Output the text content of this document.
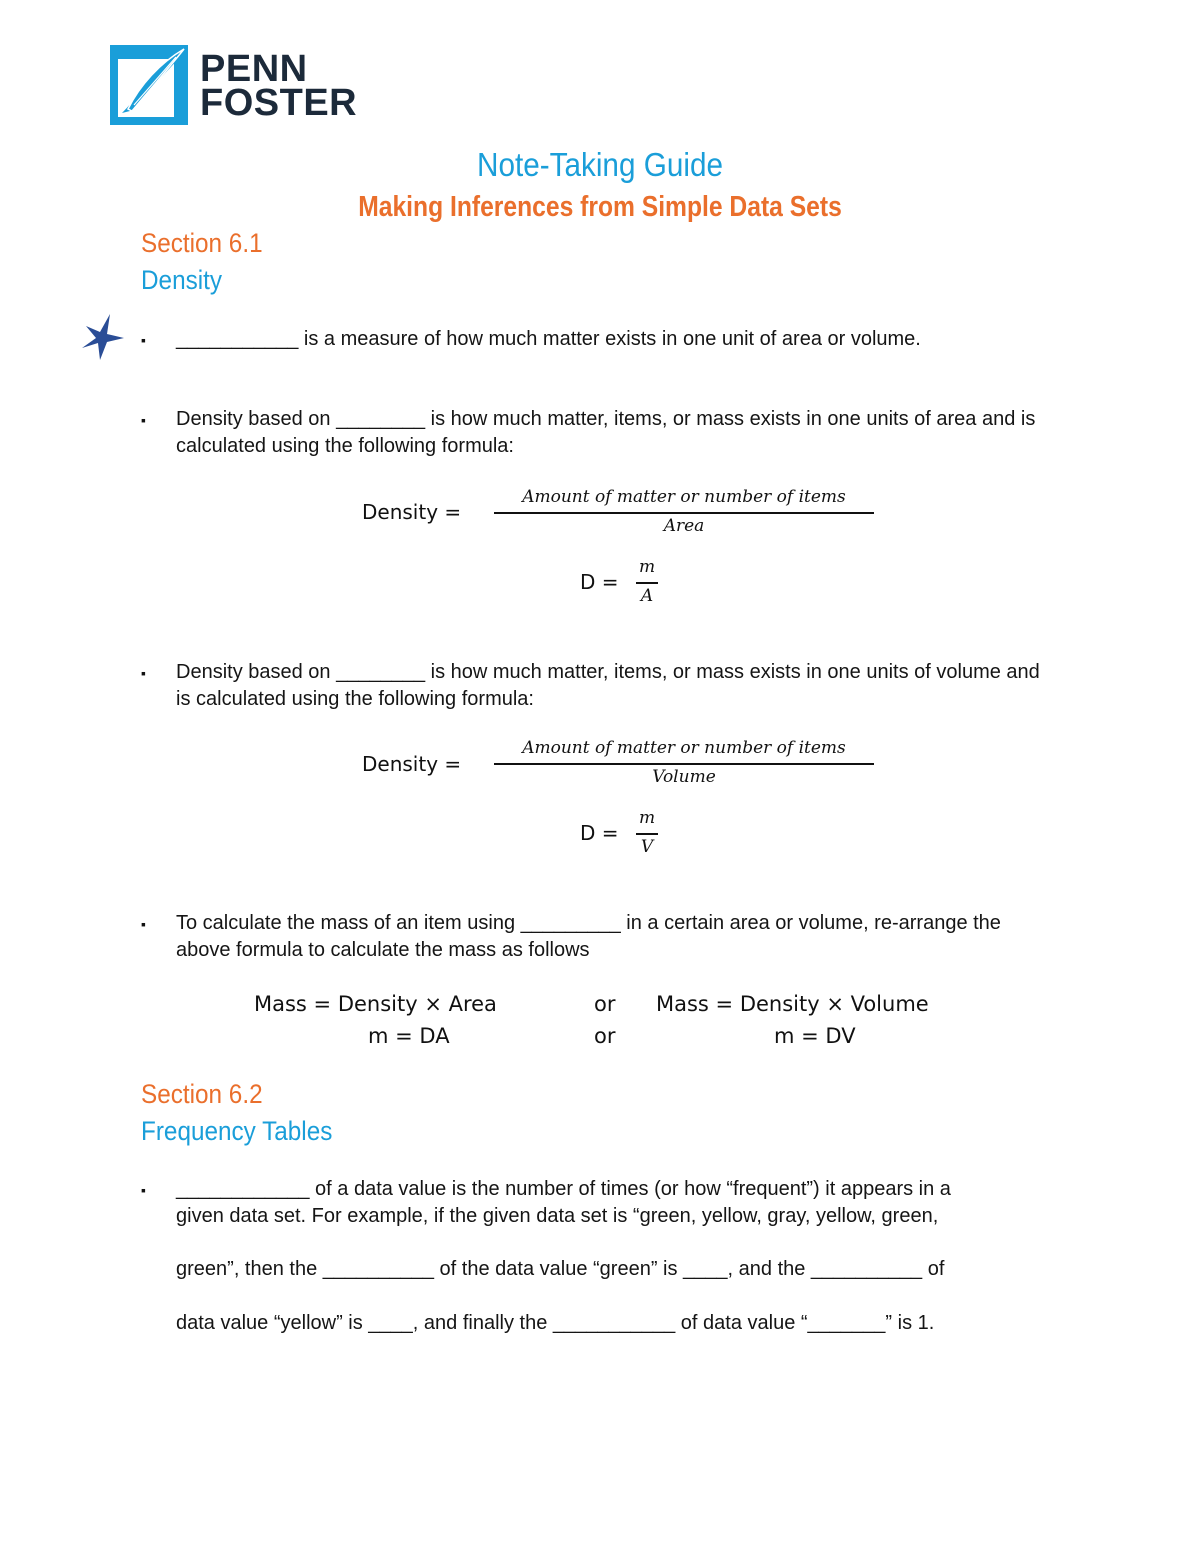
PENN
FOSTER
Note-Taking Guide
Making Inferences from Simple Data Sets
Section 6.1
Density
▪ ___________ is a measure of how much matter exists in one unit of area or volume.
▪ Density based on ________ is how much matter, items, or mass exists in one units of area and is calculated using the following formula:
Density =
Amount of matter or number of items
Area
D =
m
A
▪ Density based on ________ is how much matter, items, or mass exists in one units of volume and is calculated using the following formula:
Density =
Amount of matter or number of items
Volume
D =
m
V
▪ To calculate the mass of an item using _________ in a certain area or volume, re-arrange the above formula to calculate the mass as follows
Mass = Density × Area	or Mass = Density × Volume
m = DA	or	m = DV
Section 6.2
Frequency Tables
▪ ____________ of a data value is the number of times (or how “frequent”) it appears in a
given data set. For example, if the given data set is “green, yellow, gray, yellow, green,
green”, then the __________ of the data value “green” is ____, and the __________ of
data value “yellow” is ____, and finally the ___________ of data value “_______” is 1.
